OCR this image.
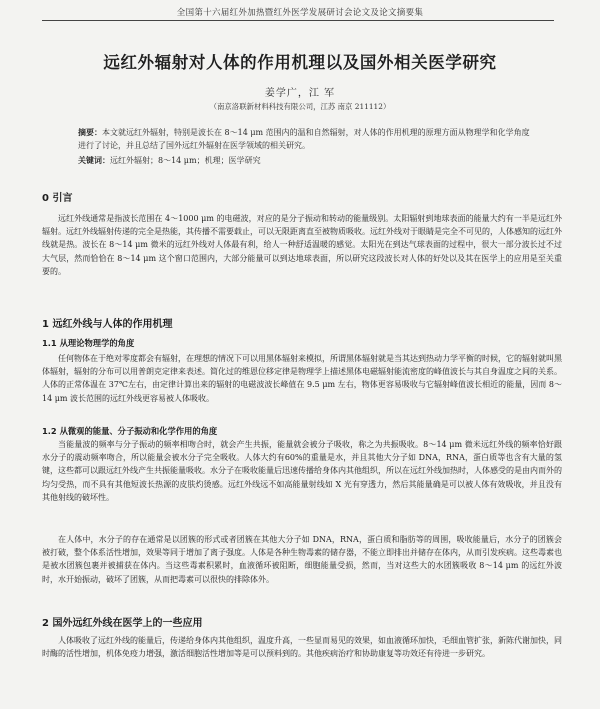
全国第十六届红外加热暨红外医学发展研讨会论文及论文摘要集
远红外辐射对人体的作用机理以及国外相关医学研究
姜学广，江 军
（南京洛联新材料科技有限公司，江苏 南京 211112）
摘要：本文就远红外辐射，特别是波长在 8～14 μm 范围内的温和自然辐射，对人体的作用机理的原理方面从物理学和化学角度进行了讨论，并且总结了国外远红外辐射在医学领域的相关研究。
关键词：远红外辐射；8～14 μm；机理；医学研究
0 引言
远红外线通常是指波长范围在 4～1000 μm 的电磁波，对应的是分子振动和转动的能量级别。太阳辐射到地球表面的能量大约有一半是远红外辐射。远红外线辐射传递的完全是热能，其传播不需要载止，可以无限距离直至被物质吸收。远红外线对于眼睛是完全不可见的，人体感知的远红外线就是热。波长在 8～14 μm 微米的远红外线对人体最有利，给人一种舒适温暖的感觉。太阳光在到达气球表面的过程中，很大一部分波长过不过大气层，然而恰恰在 8～14 μm 这个窗口范围内，大部分能量可以到达地球表面，所以研究这段波长对人体的好处以及其在医学上的应用是至关重要的。
1 远红外线与人体的作用机理
1.1 从理论物理学的角度
任何物体在于绝对零度都会有辐射，在理想的情况下可以用黑体辐射来模拟，所谓黑体辐射就是当其达到热动力学平衡的时候，它的辐射就叫黑体辐射，辐射的分布可以用普朗克定律来表述。简化过的维恩位移定律是物理学上描述黑体电磁辐射能流密度的峰值波长与其自身温度之间的关系。人体的正常体温在 37℃左右，由定律计算出来的辐射的电磁波波长峰值在 9.5 μm 左右，物体更容易吸收与它辐射峰值波长相近的能量，因而 8～14 μm 波长范围的远红外线更容易被人体吸收。
1.2 从微观的能量、分子振动和化学作用的角度
当能量波的频率与分子振动的频率相吻合时，就会产生共振，能量就会被分子吸收，称之为共振吸收。8～14 μm 微米远红外线的频率恰好跟水分子的震动频率吻合，所以能量会被水分子完全吸收。人体大约有60%的重量是水，并且其他大分子如 DNA，RNA，蛋白质等也含有大量的氢键，这些都可以跟远红外线产生共振能量吸收。水分子在吸收能量后迅速传播给身体内其他组织，所以在远红外线加热时，人体感受的是由内而外的均匀受热，而不具有其他短波长热源的皮肤灼烫感。远红外线远不如高能量射线如 X 光有穿透力，然后其能量确是可以被人体有效吸收，并且没有其他射线的破坏性。
在人体中，水分子的存在通常是以团簇的形式或者团簇在其他大分子如 DNA，RNA，蛋白质和脂肪等的周围，吸收能量后，水分子的团簇会被打破，整个体系活性增加，效果等同于增加了离子强度。人体是各种生物毒素的储存器，不能立即排出并储存在体内，从而引发疾病。这些毒素也是被水团簇包裹并被捕获在体内。当这些毒素积累时，血液循环被阻断，细胞能量受损，然而，当对这些大的水团簇吸收 8～14 μm 的远红外波时，水开始振动，破坏了团簇，从而把毒素可以很快的排除体外。
2 国外远红外线在医学上的一些应用
人体吸收了远红外线的能量后，传递给身体内其他组织，温度升高，一些显而易见的效果，如血液循环加快，毛细血管扩张，新陈代谢加快，同时酶的活性增加，机体免疫力增强，激活细胞活性增加等是可以预料到的。其他疾病治疗和协助康复等功效还有待进一步研究。
